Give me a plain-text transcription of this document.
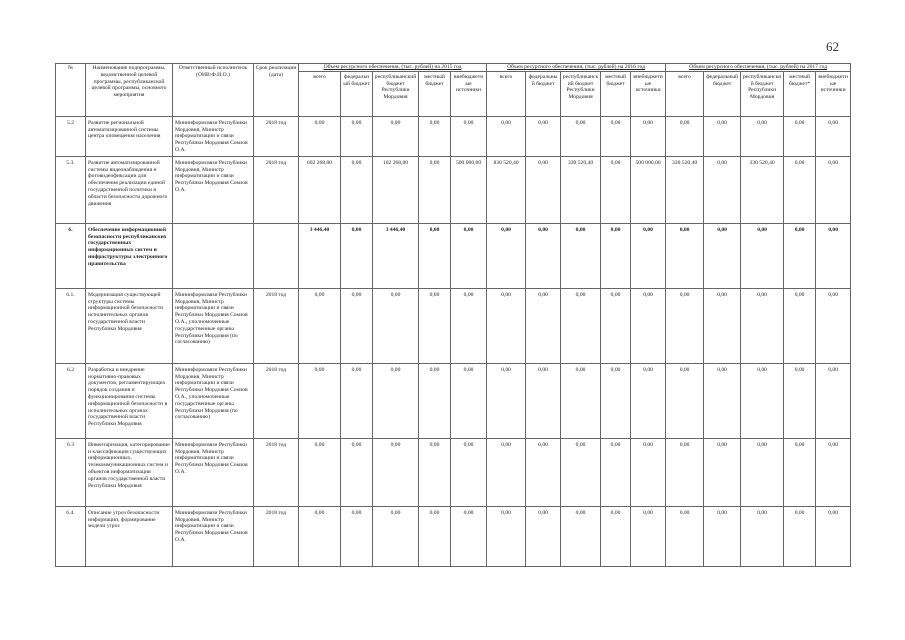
62
№	Наименование подпрограммы, ведомственной целевой программы, республиканской целевой программы, основного мероприятия	Ответственный исполнитель (ОИВ/Ф.И.О.)	Срок реализации (дата)	Объем ресурсного обеспечения, (тыс. рублей) на 2015 год					Объем ресурсного обеспечения, (тыс. рублей) на 2016 год					Объем ресурсного обеспечения, (тыс. рублей) на 2017 год				
				всего	федеральный бюджет	республиканский бюджет Республики Мордовия	местный бюджет	внебюджетные источники	всего	федеральный бюджет	республиканский бюджет Республики Мордовия	местный бюджет	внебюджетные источники	всего	федеральный бюджет	республиканский бюджет Республики Мордовия	местный бюджет*	внебюджетные источники
5.2	Развитие региональной автоматизированной системы центра оповещения населения	Мининформсвязи Республики Мордовия, Министр информатизации и связи Республики Мордовия Сомзов О.А.	2018 год	0,00	0,00	0,00	0,00	0,00	0,00	0,00	0,00	0,00	0,00	0,00	0,00	0,00	0,00	0,00
5.3.	Развитие автоматизированной системы видеонаблюдения и фотовидеофиксации для обеспечения реализации единой государственной политики в области безопасности дорожного движения	Мининформсвязи Республики Мордовия, Министр информатизации и связи Республики Мордовия Сомзов О.А.	2018 год	602 268,00	0,00	102 268,00	0,00	500 000,00	830 520,40	0,00	330 520,40	0,00	500 000,00	330 520,40	0,00	330 520,40	0,00	0,00
6.	Обеспечение информационной безопасности республиканских государственных информационных систем и инфраструктуры электронного правительства			3 446,40	0,00	3 446,40	0,00	0,00	0,00	0,00	0,00	0,00	0,00	0,00	0,00	0,00	0,00	0,00
6.1.	Модернизация существующей структуры системы информационной безопасности исполнительных органов государственной власти Республики Мордовия	Мининформсвязи Республики Мордовия, Министр информатизации и связи Республики Мордовия Сомзов О.А., уполномоченные государственные органы Республики Мордовия (по согласованию)	2018 год	0,00	0,00	0,00	0,00	0,00	0,00	0,00	0,00	0,00	0,00	0,00	0,00	0,00	0,00	0,00
6.2	Разработка и внедрение нормативно-правовых документов, регламентирующих порядок создания и функционирования системы информационной безопасности в исполнительных органах государственной власти Республики Мордовия	Мининформсвязи Республики Мордовия, Министр информатизации и связи Республики Мордовия Сомзов О.А., уполномоченные государственные органы Республики Мордовия (по согласованию)	2018 год	0,00	0,00	0,00	0,00	0,00	0,00	0,00	0,00	0,00	0,00	0,00	0,00	0,00	0,00	0,00
6.3	Инвентаризация, категорирование и классификация существующих информационных, телекоммуникационных систем и объектов информатизации органов государственной власти Республики Мордовия	Мининформсвязи Республики Мордовия, Министр информатизации и связи Республики Мордовия Сомзов О.А.	2018 год	0,00	0,00	0,00	0,00	0,00	0,00	0,00	0,00	0,00	0,00	0,00	0,00	0,00	0,00	0,00
6.4.	Описание угроз безопасности информации, формирование модели угроз	Мининформсвязи Республики Мордовия, Министр информатизации и связи Республики Мордовия Сомзов О.А.	2018 год	0,00	0,00	0,00	0,00	0,00	0,00	0,00	0,00	0,00	0,00	0,00	0,00	0,00	0,00	0,00
